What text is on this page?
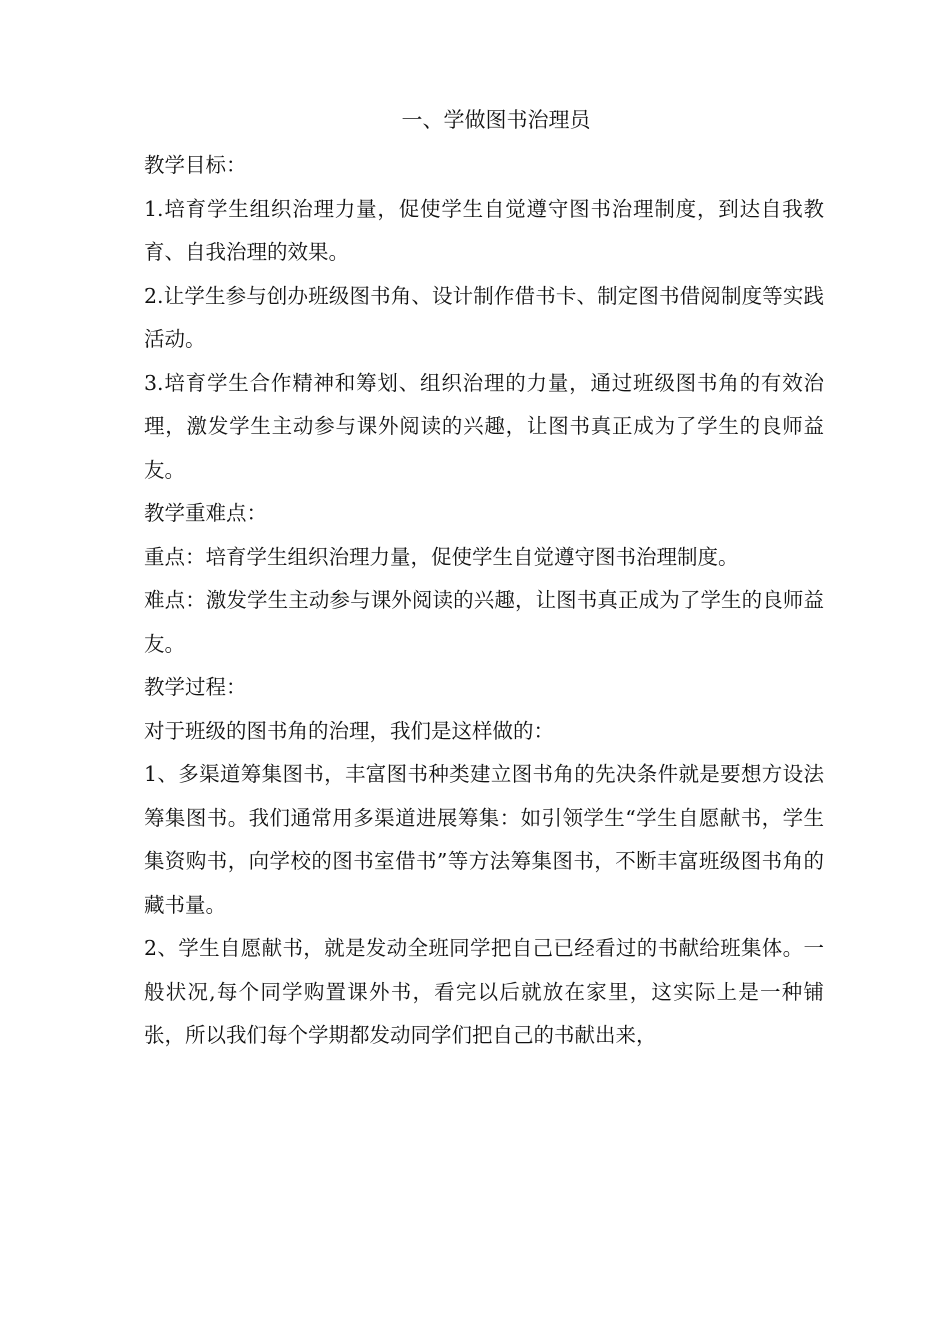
一、学做图书治理员

教学目标：

1.培育学生组织治理力量，促使学生自觉遵守图书治理制度，到达自我教育、自我治理的效果。

2.让学生参与创办班级图书角、设计制作借书卡、制定图书借阅制度等实践活动。

3.培育学生合作精神和筹划、组织治理的力量，通过班级图书角的有效治理，激发学生主动参与课外阅读的兴趣，让图书真正成为了学生的良师益友。

教学重难点：

重点：培育学生组织治理力量，促使学生自觉遵守图书治理制度。

难点：激发学生主动参与课外阅读的兴趣，让图书真正成为了学生的良师益友。

教学过程：

对于班级的图书角的治理，我们是这样做的：

1、多渠道筹集图书，丰富图书种类建立图书角的先决条件就是要想方设法筹集图书。我们通常用多渠道进展筹集：如引领学生“学生自愿献书，学生集资购书，向学校的图书室借书”等方法筹集图书，不断丰富班级图书角的藏书量。

2、学生自愿献书，就是发动全班同学把自己已经看过的书献给班集体。一般状况,每个同学购置课外书，看完以后就放在家里，这实际上是一种铺张，所以我们每个学期都发动同学们把自己的书献出来，
